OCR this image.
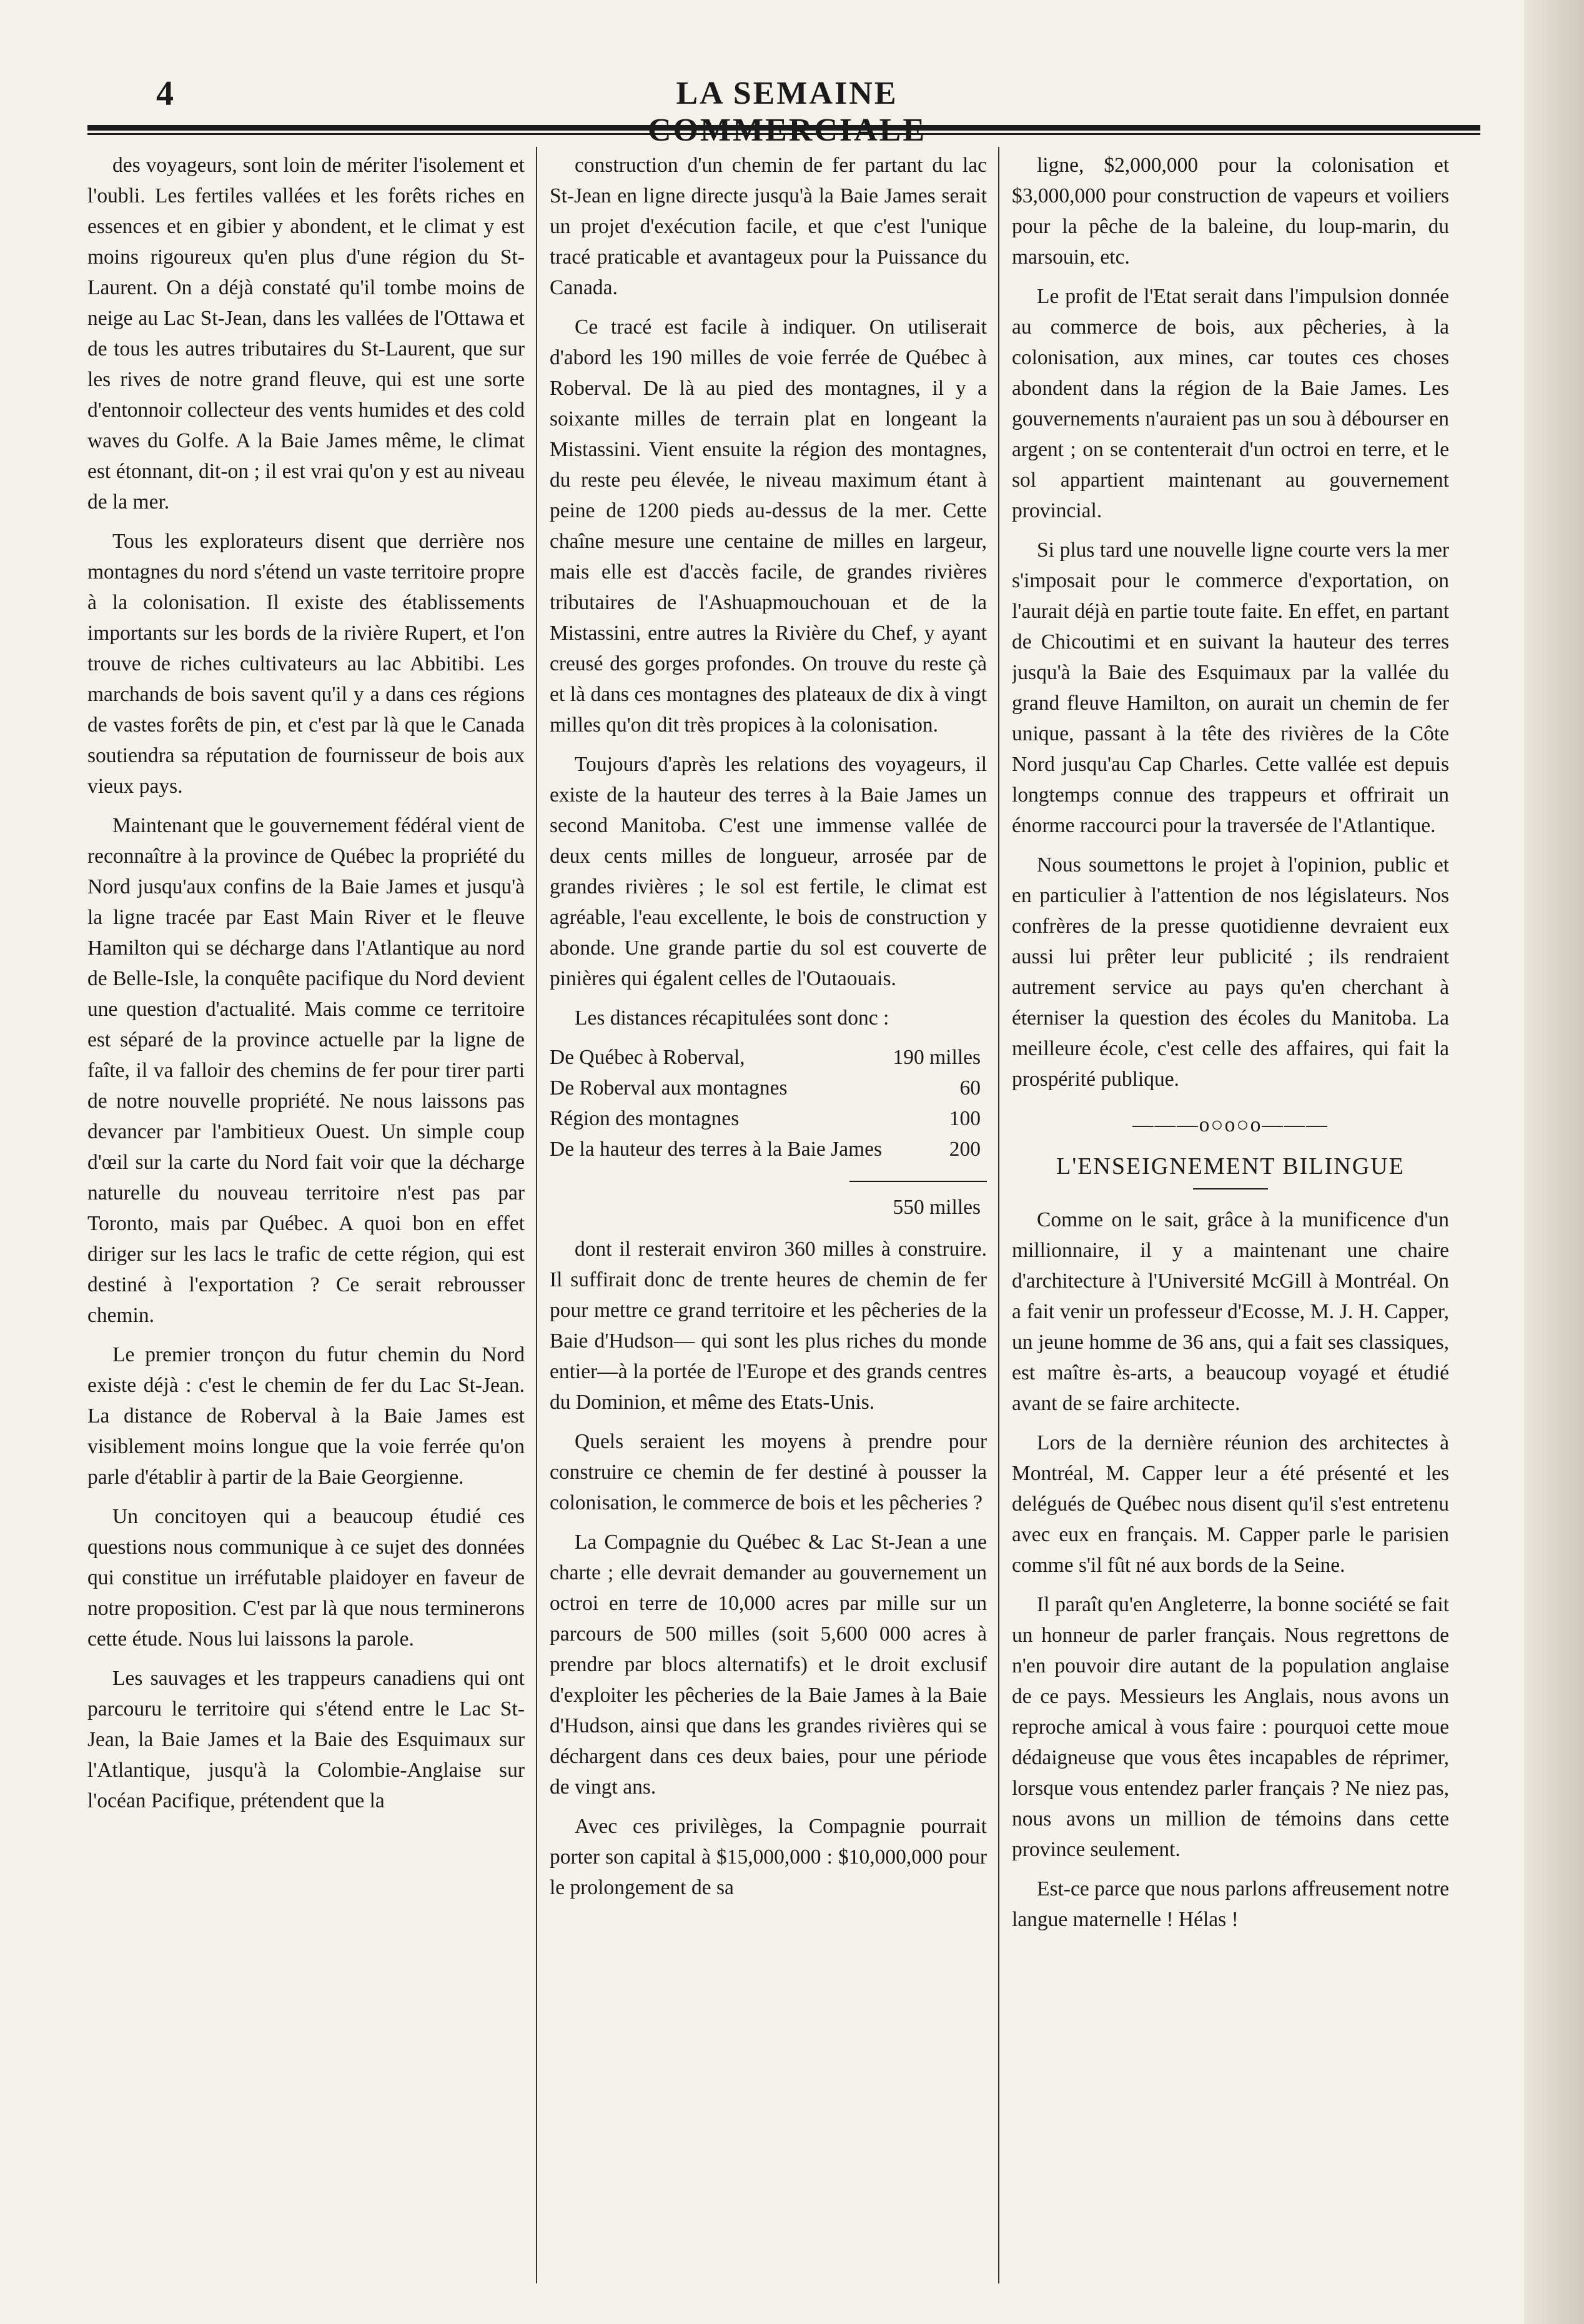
4	LA SEMAINE

des voyageurs, sont loin de mériter l'isolement et l'oubli. Les fertiles vallées et les forêts riches en essences et en gibier y abondent, et le climat y est moins rigoureux qu'en plus d'une région du St-Laurent. On a déjà constaté qu'il tombe moins de neige au Lac St-Jean, dans les vallées de l'Ottawa et de tous les autres tributaires du St-Laurent, que sur les rives de notre grand fleuve, qui est une sorte d'entonnoir collecteur des vents humides et des cold waves du Golfe. A la Baie James même, le climat est étonnant, dit-on ; il est vrai qu'on y est au niveau de la mer.

Tous les explorateurs disent que derrière nos montagnes du nord s'étend un vaste territoire propre à la colonisation. Il existe des établissements importants sur les bords de la rivière Rupert, et l'on trouve de riches cultivateurs au lac Abbitibi. Les marchands de bois savent qu'il y a dans ces régions de vastes forêts de pin, et c'est par là que le Canada soutiendra sa réputation de fournisseur de bois aux vieux pays.

Maintenant que le gouvernement fédéral vient de reconnaître à la province de Québec la propriété du Nord jusqu'aux confins de la Baie James et jusqu'à la ligne tracée par East Main River et le fleuve Hamilton qui se décharge dans l'Atlantique au nord de Belle-Isle, la conquête pacifique du Nord devient une question d'actualité. Mais comme ce territoire est séparé de la province actuelle par la ligne de faîte, il va falloir des chemins de fer pour tirer parti de notre nouvelle propriété. Ne nous laissons pas devancer par l'ambitieux Ouest. Un simple coup d'œil sur la carte du Nord fait voir que la décharge naturelle du nouveau territoire n'est pas par Toronto, mais par Québec. A quoi bon en effet diriger sur les lacs le trafic de cette région, qui est destiné à l'exportation ? Ce serait rebrousser chemin.

Le premier tronçon du futur chemin du Nord existe déjà : c'est le chemin de fer du Lac St-Jean. La distance de Roberval à la Baie James est visiblement moins longue que la voie ferrée qu'on parle d'établir à partir de la Baie Georgienne.

Un concitoyen qui a beaucoup étudié ces questions nous communique à ce sujet des données qui constitue un irréfutable plaidoyer en faveur de notre proposition. C'est par là que nous terminerons cette étude. Nous lui laissons la parole.

Les sauvages et les trappeurs canadiens qui ont parcouru le territoire qui s'étend entre le Lac St-Jean, la Baie James et la Baie des Esquimaux sur l'Atlantique, jusqu'à la Colombie-Anglaise sur l'océan Pacifique, prétendent que la

construction d'un chemin de fer partant du lac St-Jean en ligne directe jusqu'à la Baie James serait un projet d'exécution facile, et que c'est l'unique tracé praticable et avantageux pour la Puissance du Canada.

Ce tracé est facile à indiquer. On utiliserait d'abord les 190 milles de voie ferrée de Québec à Roberval. De là au pied des montagnes, il y a soixante milles de terrain plat en longeant la Mistassini. Vient ensuite la région des montagnes, du reste peu élevée, le niveau maximum étant à peine de 1200 pieds au-dessus de la mer. Cette chaîne mesure une centaine de milles en largeur, mais elle est d'accès facile, de grandes rivières tributaires de l'Ashuapmouchouan et de la Mistassini, entre autres la Rivière du Chef, y ayant creusé des gorges profondes. On trouve du reste çà et là dans ces montagnes des plateaux de dix à vingt milles qu'on dit très propices à la colonisation.

Toujours d'après les relations des voyageurs, il existe de la hauteur des terres à la Baie James un second Manitoba. C'est une immense vallée de deux cents milles de longueur, arrosée par de grandes rivières ; le sol est fertile, le climat est agréable, l'eau excellente, le bois de construction y abonde. Une grande partie du sol est couverte de pinières qui égalent celles de l'Outaouais.

Les distances récapitulées sont donc :

De Québec à Roberval,	190 milles
De Roberval aux montagnes	60
Région des montagnes	100
De la hauteur des terres à la Baie James	200
550 milles

dont il resterait environ 360 milles à construire. Il suffirait donc de trente heures de chemin de fer pour mettre ce grand territoire et les pêcheries de la Baie d'Hudson— qui sont les plus riches du monde entier—à la portée de l'Europe et des grands centres du Dominion, et même des Etats-Unis.

Quels seraient les moyens à prendre pour construire ce chemin de fer destiné à pousser la colonisation, le commerce de bois et les pêcheries ?

La Compagnie du Québec & Lac St-Jean a une charte ; elle devrait demander au gouvernement un octroi en terre de 10,000 acres par mille sur un parcours de 500 milles (soit 5,600 000 acres à prendre par blocs alternatifs) et le droit exclusif d'exploiter les pêcheries de la Baie James à la Baie d'Hudson, ainsi que dans les grandes rivières qui se déchargent dans ces deux baies, pour une période de vingt ans.

Avec ces privilèges, la Compagnie pourrait porter son capital à $15,000,000 : $10,000,000 pour le prolongement de sa

ligne, $2,000,000 pour la colonisation et $3,000,000 pour construction de vapeurs et voiliers pour la pêche de la baleine, du loup-marin, du marsouin, etc.

Le profit de l'Etat serait dans l'impulsion donnée au commerce de bois, aux pêcheries, à la colonisation, aux mines, car toutes ces choses abondent dans la région de la Baie James. Les gouvernements n'auraient pas un sou à débourser en argent ; on se contenterait d'un octroi en terre, et le sol appartient maintenant au gouvernement provincial.

Si plus tard une nouvelle ligne courte vers la mer s'imposait pour le commerce d'exportation, on l'aurait déjà en partie toute faite. En effet, en partant de Chicoutimi et en suivant la hauteur des terres jusqu'à la Baie des Esquimaux par la vallée du grand fleuve Hamilton, on aurait un chemin de fer unique, passant à la tête des rivières de la Côte Nord jusqu'au Cap Charles. Cette vallée est depuis longtemps connue des trappeurs et offrirait un énorme raccourci pour la traversée de l'Atlantique.

Nous soumettons le projet à l'opinion, public et en particulier à l'attention de nos législateurs. Nos confrères de la presse quotidienne devraient eux aussi lui prêter leur publicité ; ils rendraient autrement service au pays qu'en cherchant à éterniser la question des écoles du Manitoba. La meilleure école, c'est celle des affaires, qui fait la prospérité publique.

———o○o○o———
L'ENSEIGNEMENT BILINGUE

Comme on le sait, grâce à la munificence d'un millionnaire, il y a maintenant une chaire d'architecture à l'Université McGill à Montréal. On a fait venir un professeur d'Ecosse, M. J. H. Capper, un jeune homme de 36 ans, qui a fait ses classiques, est maître ès-arts, a beaucoup voyagé et étudié avant de se faire architecte.

Lors de la dernière réunion des architectes à Montréal, M. Capper leur a été présenté et les delégués de Québec nous disent qu'il s'est entretenu avec eux en français. M. Capper parle le parisien comme s'il fût né aux bords de la Seine.

Il paraît qu'en Angleterre, la bonne société se fait un honneur de parler français. Nous regrettons de n'en pouvoir dire autant de la population anglaise de ce pays. Messieurs les Anglais, nous avons un reproche amical à vous faire : pourquoi cette moue dédaigneuse que vous êtes incapables de réprimer, lorsque vous entendez parler français ? Ne niez pas, nous avons un million de témoins dans cette province seulement.

Est-ce parce que nous parlons affreusement notre langue maternelle ! Hélas !
